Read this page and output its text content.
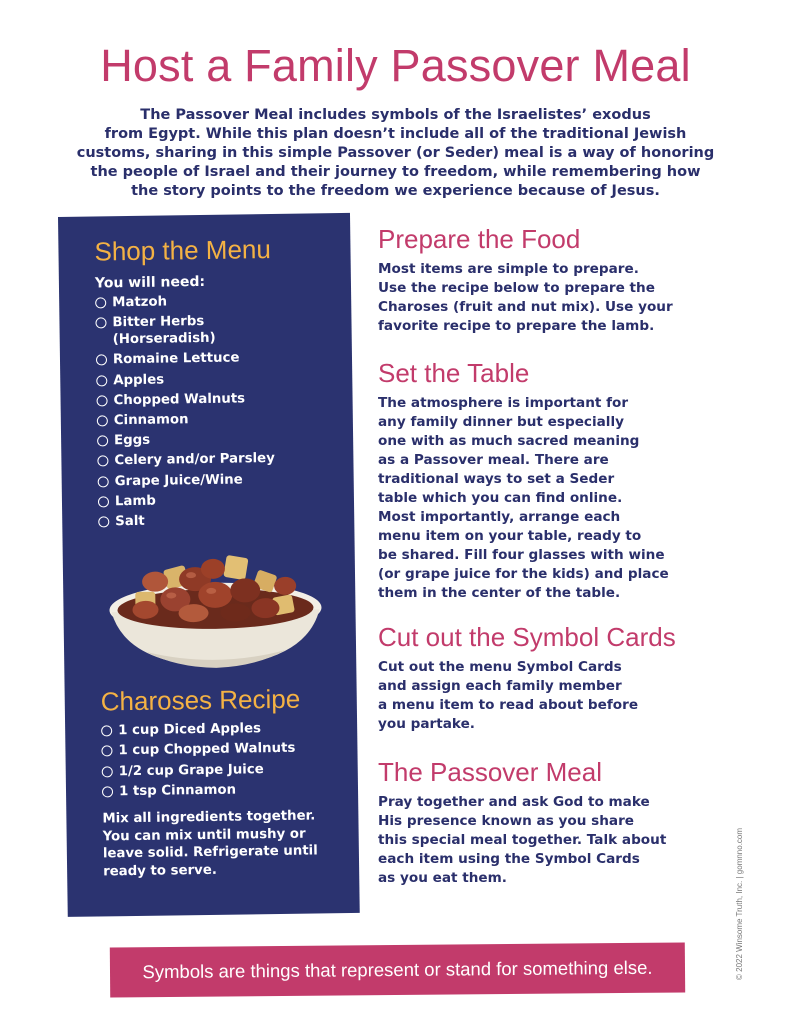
Host a Family Passover Meal
The Passover Meal includes symbols of the Israelistes’ exodus
from Egypt. While this plan doesn’t include all of the traditional Jewish
customs, sharing in this simple Passover (or Seder) meal is a way of honoring
the people of Israel and their journey to freedom, while remembering how
the story points to the freedom we experience because of Jesus.
Shop the Menu
You will need:
Matzoh
Bitter Herbs
(Horseradish)
Romaine Lettuce
Apples
Chopped Walnuts
Cinnamon
Eggs
Celery and/or Parsley
Grape Juice/Wine
Lamb
Salt
Charoses Recipe
1 cup Diced Apples
1 cup Chopped Walnuts
1/2 cup Grape Juice
1 tsp Cinnamon
Mix all ingredients together. You can mix until mushy or leave solid. Refrigerate until ready to serve.
Prepare the Food

Most items are simple to prepare.
Use the recipe below to prepare the
Charoses (fruit and nut mix). Use your
favorite recipe to prepare the lamb.

Set the Table

The atmosphere is important for
any family dinner but especially
one with as much sacred meaning
as a Passover meal. There are
traditional ways to set a Seder
table which you can find online.
Most importantly, arrange each
menu item on your table, ready to
be shared. Fill four glasses with wine
(or grape juice for the kids) and place
them in the center of the table.

Cut out the Symbol Cards

Cut out the menu Symbol Cards
and assign each family member
a menu item to read about before
you partake.

The Passover Meal

Pray together and ask God to make
His presence known as you share
this special meal together. Talk about
each item using the Symbol Cards
as you eat them.

Symbols are things that represent or stand for something else.	© 2022 Winsome Truth, Inc. | gomnno.com
